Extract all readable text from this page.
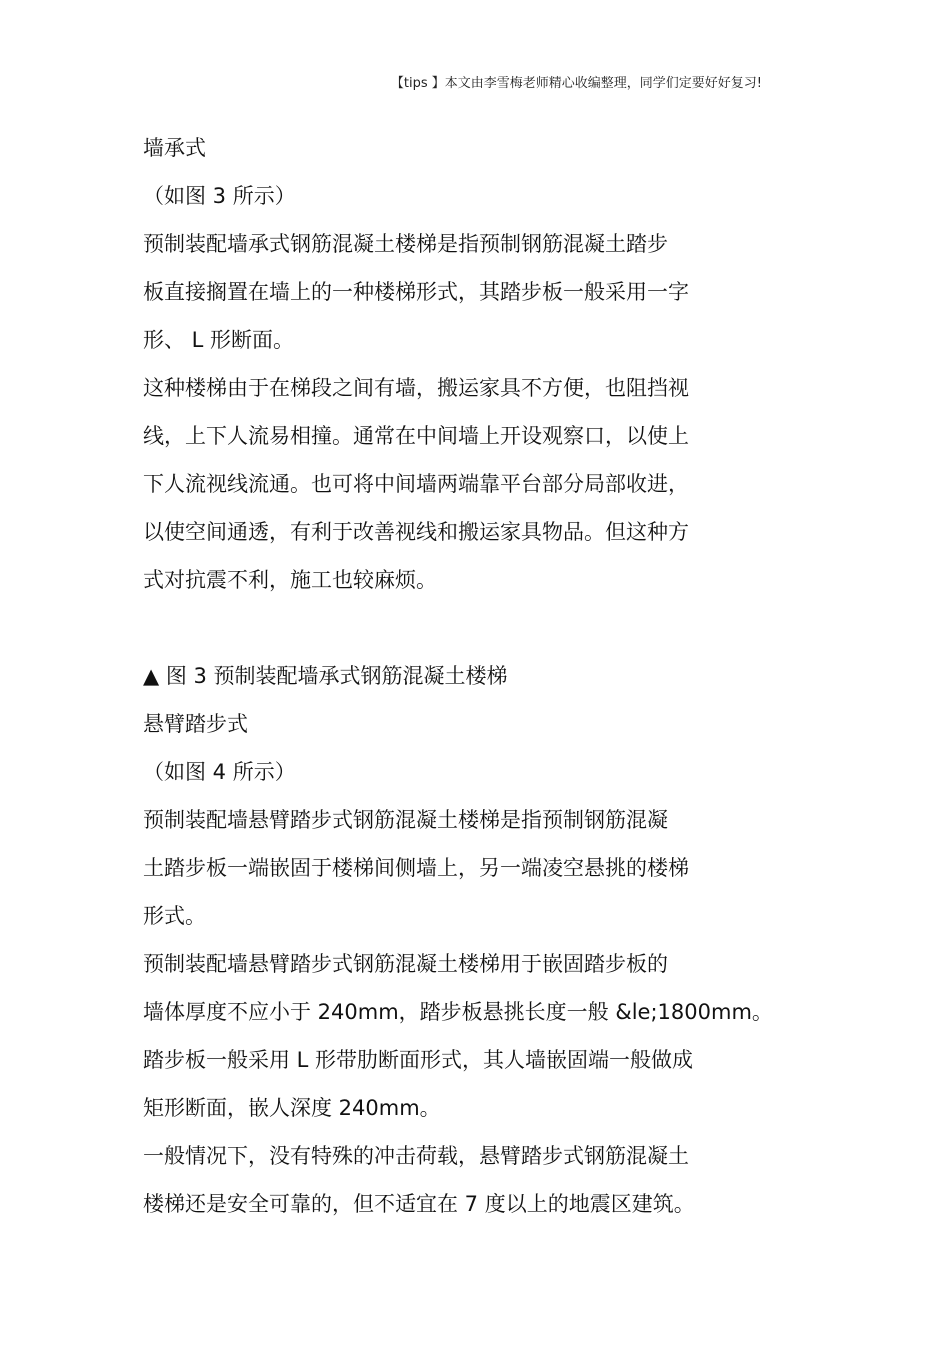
【tips 】本文由李雪梅老师精心收编整理，同学们定要好好复习!
墙承式
（如图 3 所示）
预制装配墙承式钢筋混凝土楼梯是指预制钢筋混凝土踏步
板直接搁置在墙上的一种楼梯形式，其踏步板一般采用一字
形、 L 形断面。
这种楼梯由于在梯段之间有墙，搬运家具不方便，也阻挡视
线，上下人流易相撞。通常在中间墙上开设观察口，以使上
下人流视线流通。也可将中间墙两端靠平台部分局部收进，
以使空间通透，有利于改善视线和搬运家具物品。但这种方
式对抗震不利，施工也较麻烦。
▲ 图 3 预制装配墙承式钢筋混凝土楼梯
悬臂踏步式
（如图 4 所示）
预制装配墙悬臂踏步式钢筋混凝土楼梯是指预制钢筋混凝
土踏步板一端嵌固于楼梯间侧墙上，另一端凌空悬挑的楼梯
形式。
预制装配墙悬臂踏步式钢筋混凝土楼梯用于嵌固踏步板的
墙体厚度不应小于 240mm，踏步板悬挑长度一般 &le;1800mm。
踏步板一般采用 L 形带肋断面形式，其人墙嵌固端一般做成
矩形断面，嵌人深度 240mm。
一般情况下，没有特殊的冲击荷载，悬臂踏步式钢筋混凝土
楼梯还是安全可靠的，但不适宜在 7 度以上的地震区建筑。
